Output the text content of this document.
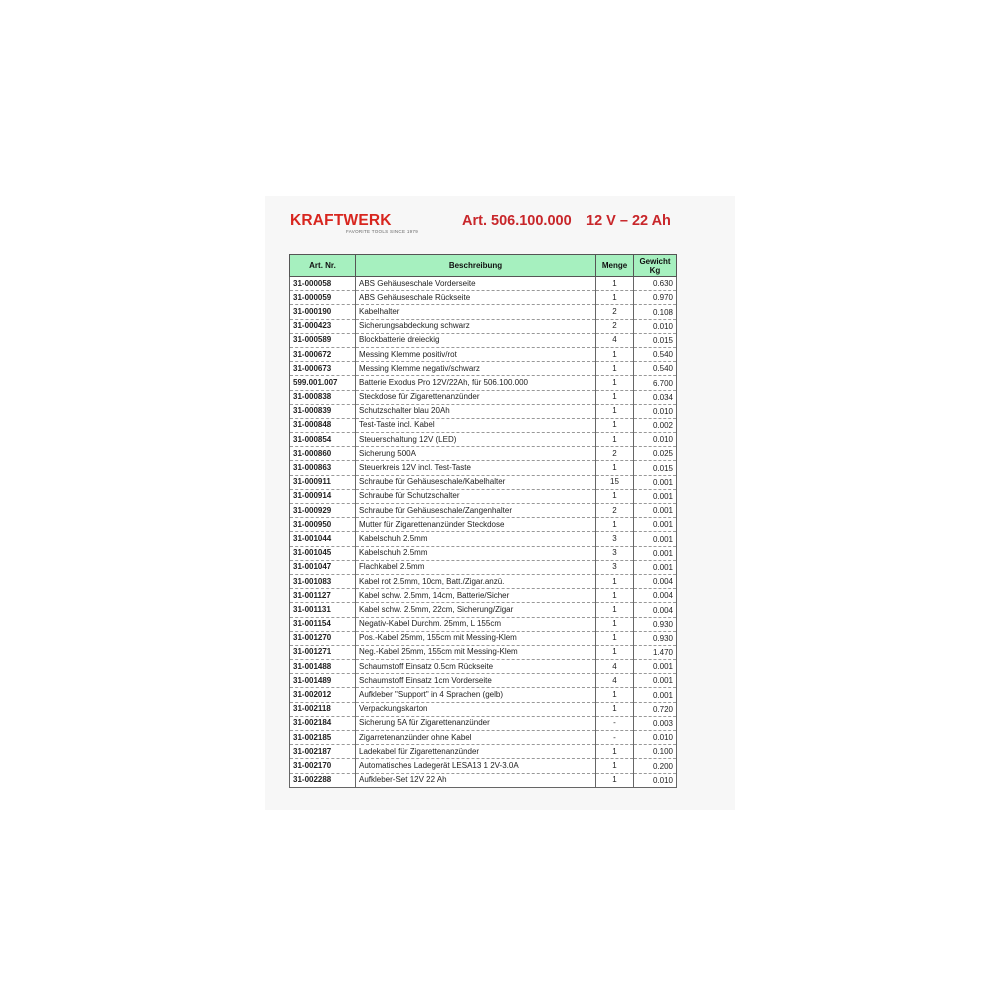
KRAFTWERK
FAVORITE TOOLS SINCE 1979
Art. 506.100.000 12 V – 22 Ah
Art. Nr.	Beschreibung	Menge	Gewicht
Kg
31-000058	ABS Gehäuseschale Vorderseite	1	0.630
31-000059	ABS Gehäuseschale Rückseite	1	0.970
31-000190	Kabelhalter	2	0.108
31-000423	Sicherungsabdeckung schwarz	2	0.010
31-000589	Blockbatterie dreieckig	4	0.015
31-000672	Messing Klemme positiv/rot	1	0.540
31-000673	Messing Klemme negativ/schwarz	1	0.540
599.001.007	Batterie Exodus Pro 12V/22Ah, für 506.100.000	1	6.700
31-000838	Steckdose für Zigarettenanzünder	1	0.034
31-000839	Schutzschalter blau 20Ah	1	0.010
31-000848	Test-Taste incl. Kabel	1	0.002
31-000854	Steuerschaltung 12V (LED)	1	0.010
31-000860	Sicherung 500A	2	0.025
31-000863	Steuerkreis 12V incl. Test-Taste	1	0.015
31-000911	Schraube für Gehäuseschale/Kabelhalter	15	0.001
31-000914	Schraube für Schutzschalter	1	0.001
31-000929	Schraube für Gehäuseschale/Zangenhalter	2	0.001
31-000950	Mutter für Zigarettenanzünder Steckdose	1	0.001
31-001044	Kabelschuh 2.5mm	3	0.001
31-001045	Kabelschuh 2.5mm	3	0.001
31-001047	Flachkabel 2.5mm	3	0.001
31-001083	Kabel rot 2.5mm, 10cm, Batt./Zigar.anzü.	1	0.004
31-001127	Kabel schw. 2.5mm, 14cm, Batterie/Sicher	1	0.004
31-001131	Kabel schw. 2.5mm, 22cm, Sicherung/Zigar	1	0.004
31-001154	Negativ-Kabel Durchm. 25mm, L 155cm	1	0.930
31-001270	Pos.-Kabel 25mm, 155cm mit Messing-Klem	1	0.930
31-001271	Neg.-Kabel 25mm, 155cm mit Messing-Klem	1	1.470
31-001488	Schaumstoff Einsatz 0.5cm Rückseite	4	0.001
31-001489	Schaumstoff Einsatz 1cm Vorderseite	4	0.001
31-002012	Aufkleber "Support" in 4 Sprachen (gelb)	1	0.001
31-002118	Verpackungskarton	1	0.720
31-002184	Sicherung 5A für Zigarettenanzünder	-	0.003
31-002185	Zigarretenanzünder ohne Kabel	-	0.010
31-002187	Ladekabel für Zigarettenanzünder	1	0.100
31-002170	Automatisches Ladegerät LESA13 1 2V-3.0A	1	0.200
31-002288	Aufkleber-Set 12V 22 Ah	1	0.010
